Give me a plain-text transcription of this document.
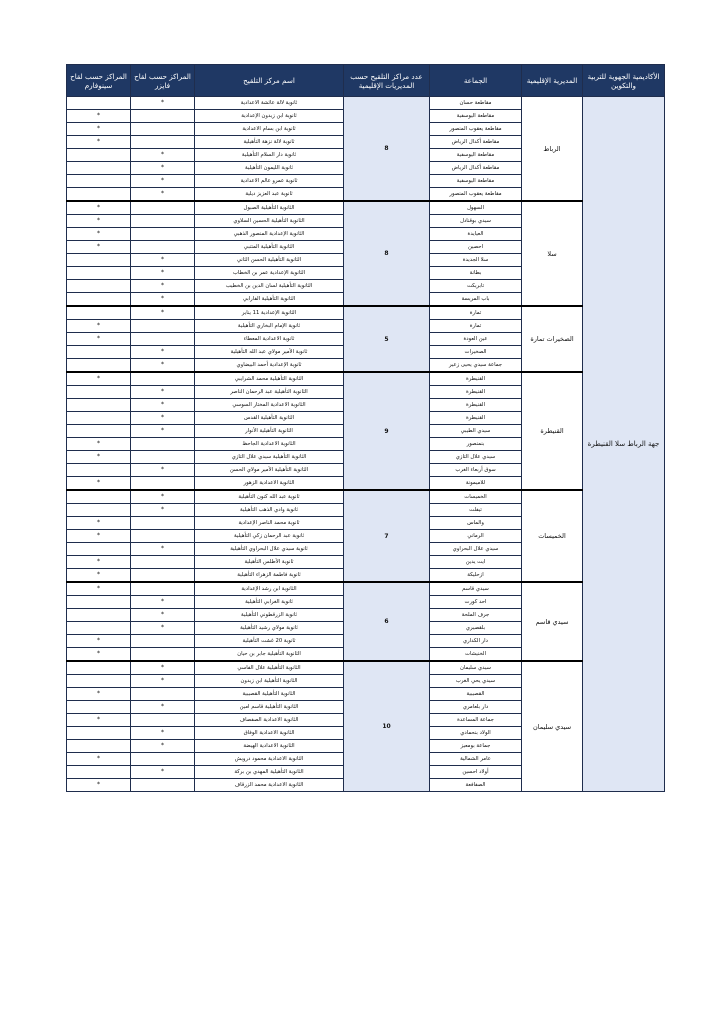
المراكز حسب لقاح سينوفارم	المراكز حسب لقاح فايزر	اسم مركز التلقيح	عدد مراكز التلقيح حسب المديريات الإقليمية	الجماعة	المديرية الإقليمية	الأكاديمية الجهوية للتربية والتكوين
	*	ثانوية لالة عائشة الاعدادية	8	مقاطعة حسان	الرباط	جهة الرباط سلا القنيطرة
*		ثانوية ابن زيدون الإعدادية		مقاطعة اليوسفية		
*		ثانوية ابن بسام الاعدادية		مقاطعة يعقوب المنصور		
*		ثانوية لالة نزهة التأهيلية		مقاطعة أكدال الرياض		
	*	ثانوية دار السلام التأهيلية		مقاطعة اليوسفية		
	*	ثانوية الليمون التأهيلية		مقاطعة أكدال الرياض		
	*	ثانوية عمرو عالم الاعدادية		مقاطعة اليوسفية		
	*	ثانوية عبد العزيز ديلية		مقاطعة يعقوب المنصور		
*		الثانوية التأهيلية الصبول	8	السهول	سلا	
*		الثانوية التأهيلية الحسين السلاوي		سيدي بوقنادل		
*		الثانوية الإعدادية المنصور الذهبي		العيايدة		
*		الثانوية التأهيلية المتنبي		احصين		
	*	الثانوية التأهيلية الحسن الثاني		سلا الجديدة		
	*	الثانوية الإعدادية عمر بن الخطاب		بطانة		
	*	الثانوية التأهيلية لسان الدين بن الخطيب		تابريكت		
	*	الثانوية التأهيلية الفارابي		باب المريسة		
	*	الثانوية الإعدادية 11 يناير	5	تمارة	الصخيرات تمارة	
*		ثانوية الإمام البخاري التأهيلية		تمارة		
*		ثانوية الاعدادية المعطاء		عين العودة		
	*	ثانوية الأمير مولاي عبد الله التأهيلية		الصخيرات		
	*	ثانوية الإعدادية أحمد البيضاوي		جماعة سيدي يحيى زعير		
*		الثانوية التأهيلية محمد الشرايبي	9	القنيطرة	القنيطرة	
	*	الثانوية التأهيلية عبد الرحمان الناصر		القنيطرة		
	*	الثانوية الاعدادية المختار السوسي		القنيطرة		
	*	الثانوية التأهيلية القدس		القنيطرة		
	*	الثانوية التأهيلية الأنوار		سيدي الطيبي		
*		الثانوية الاعدادية الجاحظ		بنمنصور		
*		الثانوية التأهيلية سيدي علال التازي		سيدي علال التازي		
	*	الثانوية التأهيلية الأمير مولاي الحسن		سوق أربعاء الغرب		
*		الثانوية الاعدادية الزهور		للاميمونة		
	*	ثانوية عبد الله كنون التأهيلية	7	الخميسات	الخميسات	
	*	ثانوية وادي الذهب التأهيلية		تيفلت		
*		ثانوية محمد الناصر الإعدادية		والماس		
*		ثانوية عبد الرحمان زكي التأهيلية		الرماني		
	*	ثانوية سيدي علال البحراوي التأهيلية		سيدي علال البحراوي		
*		ثانوية الأطلس التأهيلية		ايت يدين		
*		ثانوية فاطمة الزهراء التأهيلية		ازحليكة		
*		الثانوية ابن رشد الإعدادية	6	سيدي قاسم	سيدي قاسم	
	*	ثانوية الغرابي التأهيلية		احد كورت		
	*	ثانوية الزرقطوني التأهيلية		جرف الملحة		
	*	ثانوية مولاي رشيد التأهيلية		بلقصيري		
*		ثانوية 20 غشت التأهيلية		دار الكداري		
*		الثانوية التأهيلية جابر بن حيان		الخنيشات		
	*	الثانوية التأهيلية علال الفاسي	10	سيدي سليمان	سيدي سليمان	
	*	الثانوية التأهيلية ابن زيدون		سيدي يحي الغرب		
*		الثانوية التأهيلية القصيبية		القصيبية		
	*	الثانوية التأهيلية قاسم امين		دار بلعامري		
*		الثانوية الاعدادية الصفصاف		جماعة المساعدة		
	*	الثانوية الاعدادية الوفاق		الولاد بنحمادي		
	*	الثانوية الاعدادية الهيضة		جماعة بومعيز		
*		الثانوية الاعدادية محمود درويش		عامر الشمالية		
	*	الثانوية التأهيلية المهدي بن بركة		أولاد احسين		
*		الثانوية الاعدادية محمد الزرقاف		الصفافعة		
